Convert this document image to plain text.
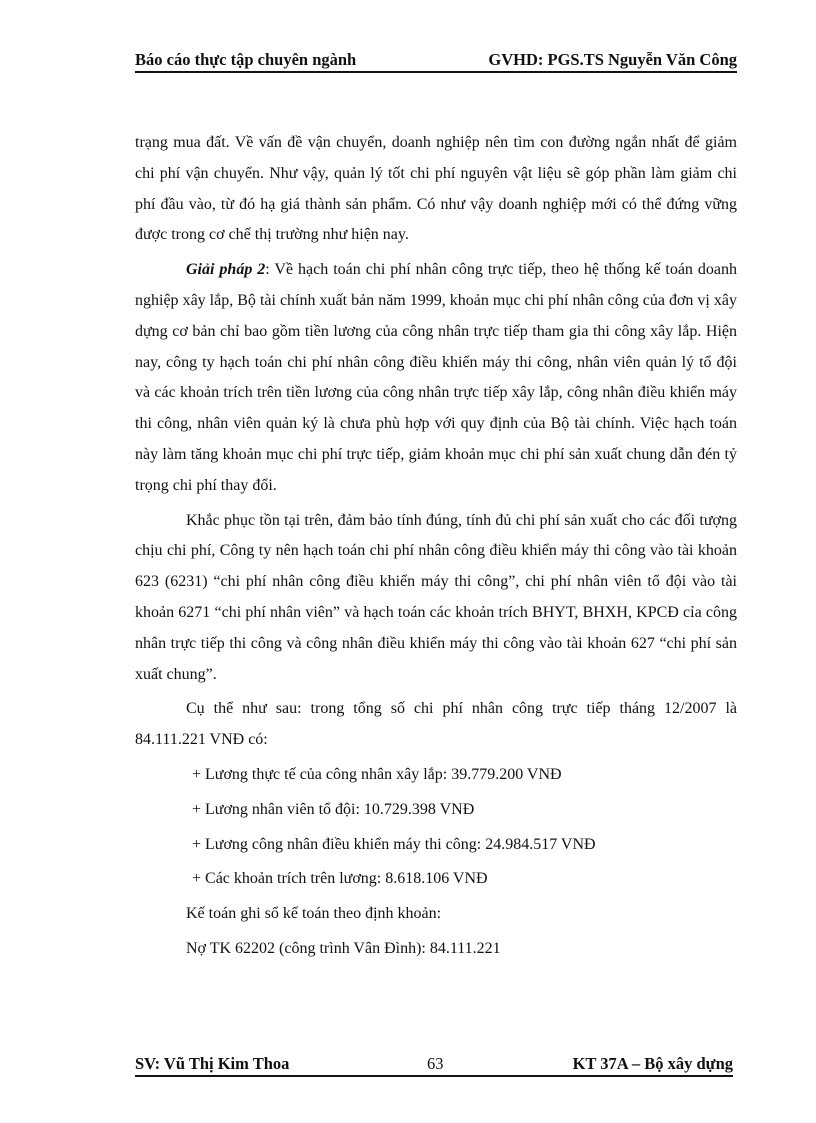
Báo cáo thực tập chuyên ngành	GVHD: PGS.TS Nguyễn Văn Công

trạng mua đất. Về vấn đề vận chuyển, doanh nghiệp nên tìm con đường ngắn nhất để giảm chi phí vận chuyển. Như vậy, quản lý tốt chi phí nguyên vật liệu sẽ góp phần làm giảm chi phí đầu vào, từ đó hạ giá thành sản phẩm. Có như vậy doanh nghiệp mới có thể đứng vững được trong cơ chế thị trường như hiện nay.

Giải pháp 2: Về hạch toán chi phí nhân công trực tiếp, theo hệ thống kế toán doanh nghiệp xây lắp, Bộ tài chính xuất bản năm 1999, khoản mục chi phí nhân công của đơn vị xây dựng cơ bản chỉ bao gồm tiền lương của công nhân trực tiếp tham gia thi công xây lắp. Hiện nay, công ty hạch toán chi phí nhân công điều khiển máy thi công, nhân viên quản lý tổ đội và các khoản trích trên tiền lương của công nhân trực tiếp xây lắp, công nhân điều khiển máy thi công, nhân viên quản ký là chưa phù hợp với quy định của Bộ tài chính. Việc hạch toán này làm tăng khoản mục chi phí trực tiếp, giảm khoản mục chi phí sản xuất chung dẫn đén tỷ trọng chi phí thay đổi.

Khắc phục tồn tại trên, đảm bảo tính đúng, tính đủ chi phí sản xuất cho các đối tượng chịu chi phí, Công ty nên hạch toán chi phí nhân công điều khiển máy thi công vào tài khoản 623 (6231) “chi phí nhân công điều khiển máy thi công”, chi phí nhân viên tổ đội vào tài khoản 6271 “chi phí nhân viên” và hạch toán các khoản trích BHYT, BHXH, KPCĐ cỉa công nhân trực tiếp thi công và công nhân điều khiển máy thi công vào tài khoản 627 “chi phí sản xuất chung”.

Cụ thể như sau: trong tổng số chi phí nhân công trực tiếp tháng 12/2007 là 84.111.221 VNĐ có:

+ Lương thực tế của công nhân xây lắp: 39.779.200 VNĐ

+ Lương nhân viên tổ đội: 10.729.398 VNĐ

+ Lương công nhân điều khiển máy thi công: 24.984.517 VNĐ

+ Các khoản trích trên lương: 8.618.106 VNĐ

Kế toán ghi sổ kế toán theo định khoản:

Nợ TK 62202 (công trình Vân Đình): 84.111.221

SV: Vũ Thị Kim Thoa	63	KT 37A – Bộ xây dựng
